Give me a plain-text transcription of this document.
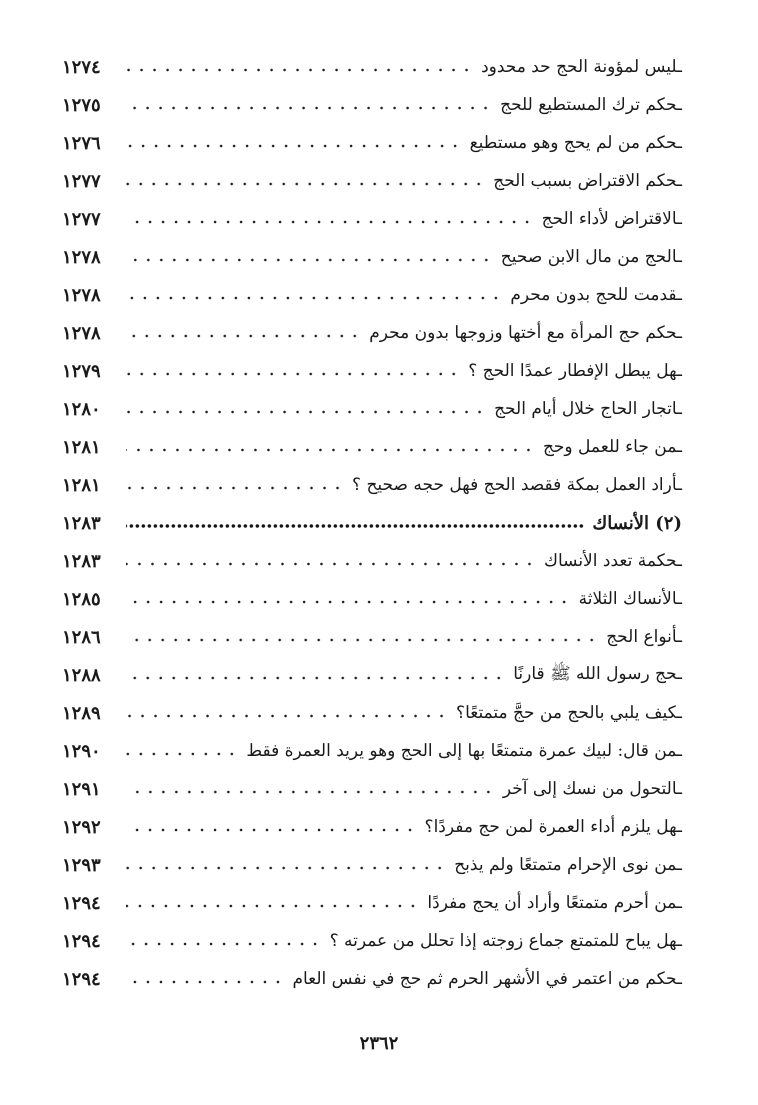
١٢٧٤	ـليس لمؤونة الحج حد محدود
١٢٧٥	ـحكم ترك المستطيع للحج
١٢٧٦	ـحكم من لم يحج وهو مستطيع
١٢٧٧	ـحكم الاقتراض بسبب الحج
١٢٧٧	ـالاقتراض لأداء الحج
١٢٧٨	ـالحج من مال الابن صحيح
١٢٧٨	ـقدمت للحج بدون محرم
١٢٧٨	ـحكم حج المرأة مع أختها وزوجها بدون محرم
١٢٧٩	ـهل يبطل الإفطار عمدًا الحج ؟
١٢٨٠	ـاتجار الحاج خلال أيام الحج
١٢٨١	ـمن جاء للعمل وحج
١٢٨١	ـأراد العمل بمكة فقصد الحج فهل حجه صحيح ؟
١٢٨٣	(٢) الأنساك
١٢٨٣	ـحكمة تعدد الأنساك
١٢٨٥	ـالأنساك الثلاثة
١٢٨٦	ـأنواع الحج
١٢٨٨	ـحج رسول الله ﷺ قارنًا
١٢٨٩	ـكيف يلبي بالحج من حجَّ متمتعًا؟
١٢٩٠	ـمن قال: لبيك عمرة متمتعًا بها إلى الحج وهو يريد العمرة فقط
١٢٩١	ـالتحول من نسك إلى آخر
١٢٩٢	ـهل يلزم أداء العمرة لمن حج مفردًا؟
١٢٩٣	ـمن نوى الإحرام متمتعًا ولم يذبح
١٢٩٤	ـمن أحرم متمتعًا وأراد أن يحج مفردًا
١٢٩٤	ـهل يباح للمتمتع جماع زوجته إذا تحلل من عمرته ؟
١٢٩٤	ـحكم من اعتمر في الأشهر الحرم ثم حج في نفس العام
٢٣٦٢
